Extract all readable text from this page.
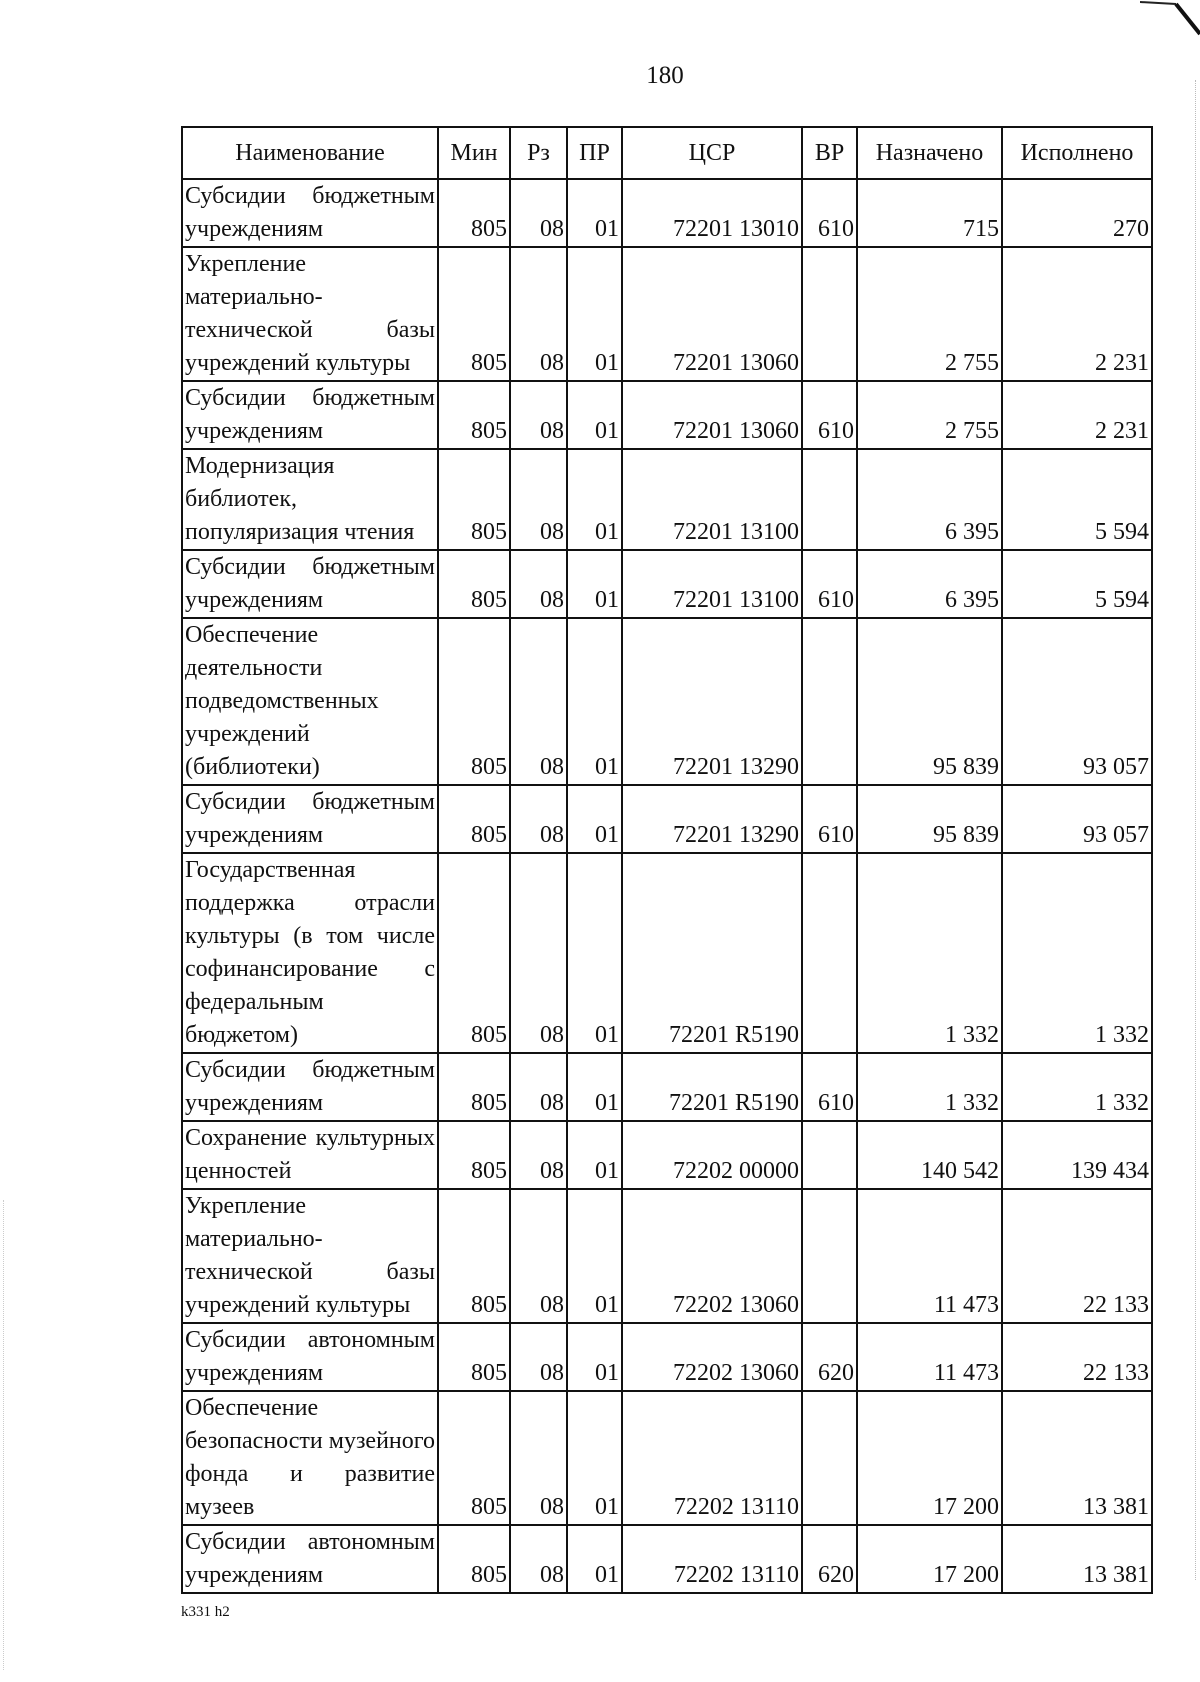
180
Наименование	Мин	Рз	ПР	ЦСР	ВР	Назначено	Исполнено
Субсидии бюджетным учреждениям	805	08	01	72201 13010	610	715	270
Укрепление материально-технической базы учреждений культуры	805	08	01	72201 13060		2 755	2 231
Субсидии бюджетным учреждениям	805	08	01	72201 13060	610	2 755	2 231
Модернизация библиотек, популяризация чтения	805	08	01	72201 13100		6 395	5 594
Субсидии бюджетным учреждениям	805	08	01	72201 13100	610	6 395	5 594
Обеспечение деятельности подведомственных учреждений (библиотеки)	805	08	01	72201 13290		95 839	93 057
Субсидии бюджетным учреждениям	805	08	01	72201 13290	610	95 839	93 057
Государственная поддержка отрасли культуры (в том числе софинансирование с федеральным бюджетом)	805	08	01	72201 R5190		1 332	1 332
Субсидии бюджетным учреждениям	805	08	01	72201 R5190	610	1 332	1 332
Сохранение культурных ценностей	805	08	01	72202 00000		140 542	139 434
Укрепление материально-технической базы учреждений культуры	805	08	01	72202 13060		11 473	22 133
Субсидии автономным учреждениям	805	08	01	72202 13060	620	11 473	22 133
Обеспечение безопасности музейного фонда и развитие музеев	805	08	01	72202 13110		17 200	13 381
Субсидии автономным учреждениям	805	08	01	72202 13110	620	17 200	13 381
k331 h2
